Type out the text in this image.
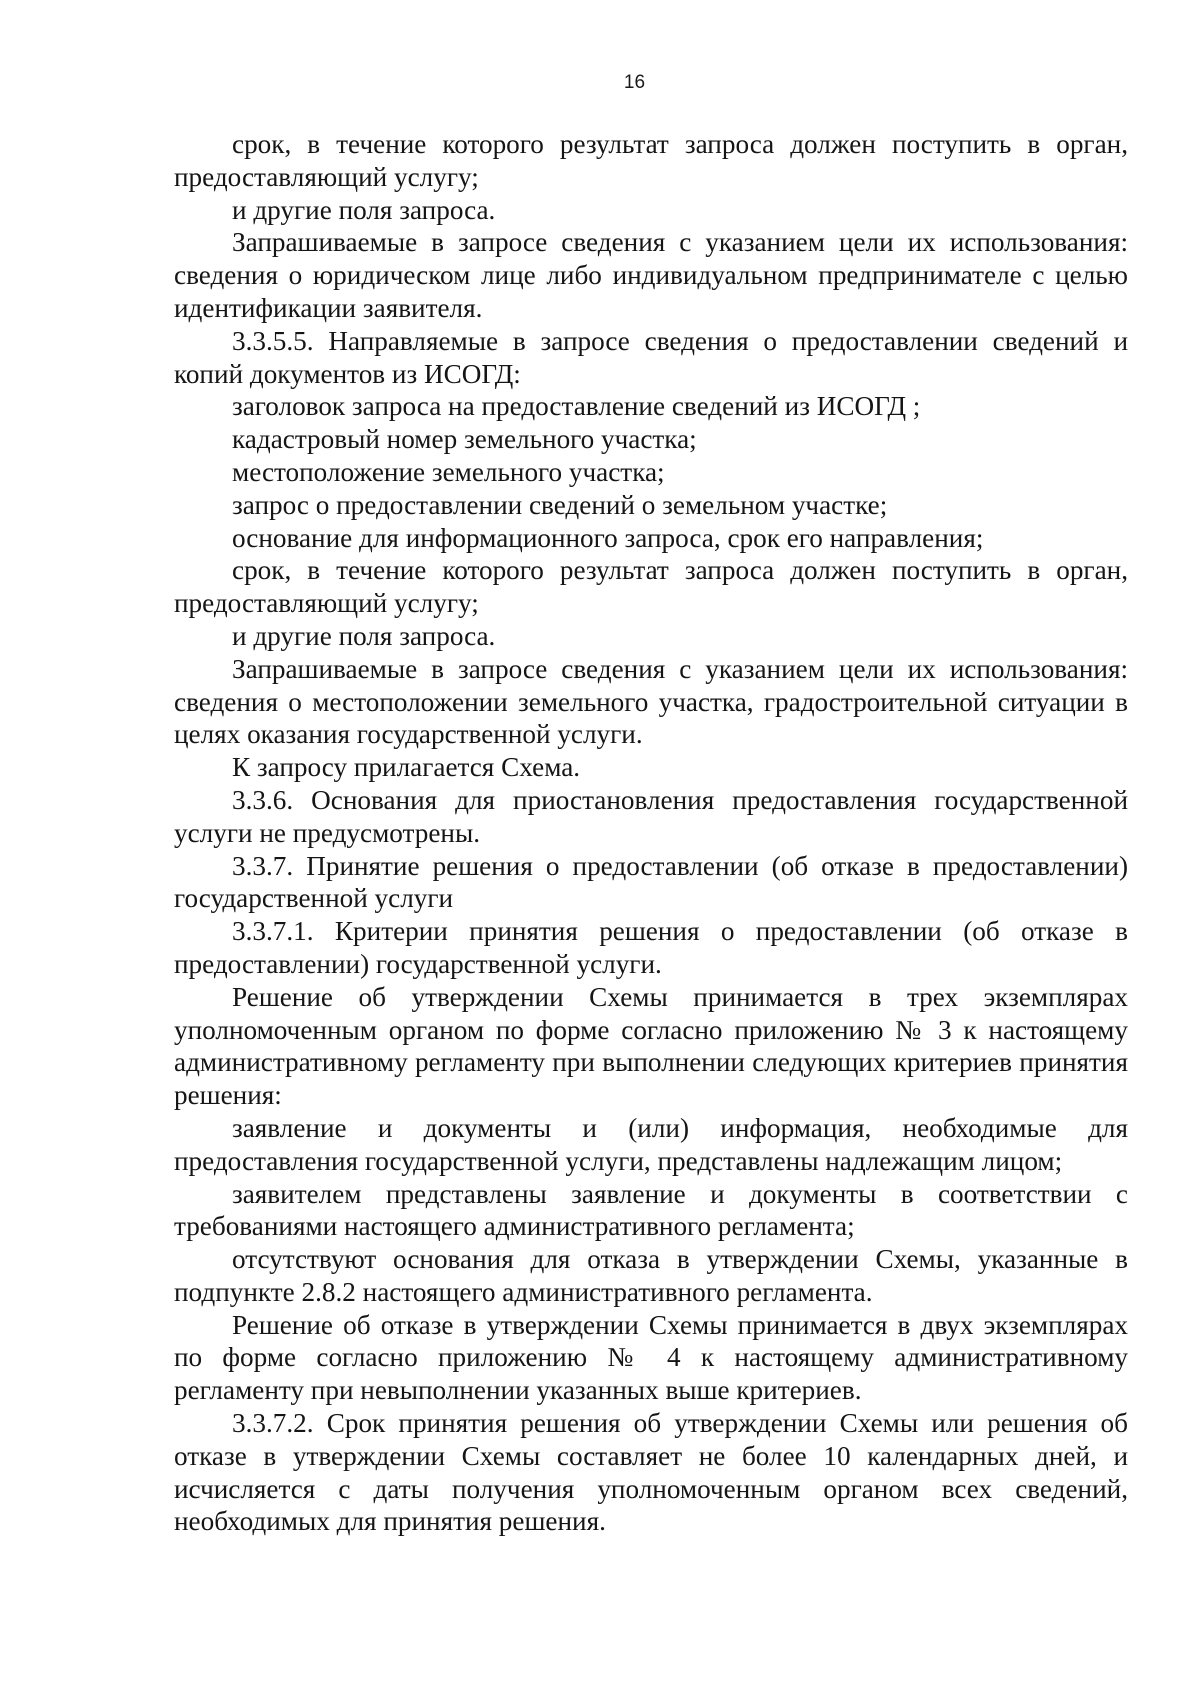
16

срок, в течение которого результат запроса должен поступить в орган, предоставляющий услугу;

и другие поля запроса.

Запрашиваемые в запросе сведения с указанием цели их использования: сведения о юридическом лице либо индивидуальном предпринимателе с целью идентификации заявителя.

3.3.5.5. Направляемые в запросе сведения о предоставлении сведений и копий документов из ИСОГД:

заголовок запроса на предоставление сведений из ИСОГД ;

кадастровый номер земельного участка;

местоположение земельного участка;

запрос о предоставлении сведений о земельном участке;

основание для информационного запроса, срок его направления;

срок, в течение которого результат запроса должен поступить в орган, предоставляющий услугу;

и другие поля запроса.

Запрашиваемые в запросе сведения с указанием цели их использования: сведения о местоположении земельного участка, градостроительной ситуации в целях оказания государственной услуги.

К запросу прилагается Схема.

3.3.6. Основания для приостановления предоставления государственной услуги не предусмотрены.

3.3.7. Принятие решения о предоставлении (об отказе в предоставлении) государственной услуги

3.3.7.1. Критерии принятия решения о предоставлении (об отказе в предоставлении) государственной услуги.

Решение об утверждении Схемы принимается в трех экземплярах уполномоченным органом по форме согласно приложению № 3 к настоящему административному регламенту при выполнении следующих критериев принятия решения:

заявление и документы и (или) информация, необходимые для предоставления государственной услуги, представлены надлежащим лицом;

заявителем представлены заявление и документы в соответствии с требованиями настоящего административного регламента;

отсутствуют основания для отказа в утверждении Схемы, указанные в подпункте 2.8.2 настоящего административного регламента.

Решение об отказе в утверждении Схемы принимается в двух экземплярах по форме согласно приложению № 4 к настоящему административному регламенту при невыполнении указанных выше критериев.

3.3.7.2. Срок принятия решения об утверждении Схемы или решения об отказе в утверждении Схемы составляет не более 10 календарных дней, и исчисляется с даты получения уполномоченным органом всех сведений, необходимых для принятия решения.
